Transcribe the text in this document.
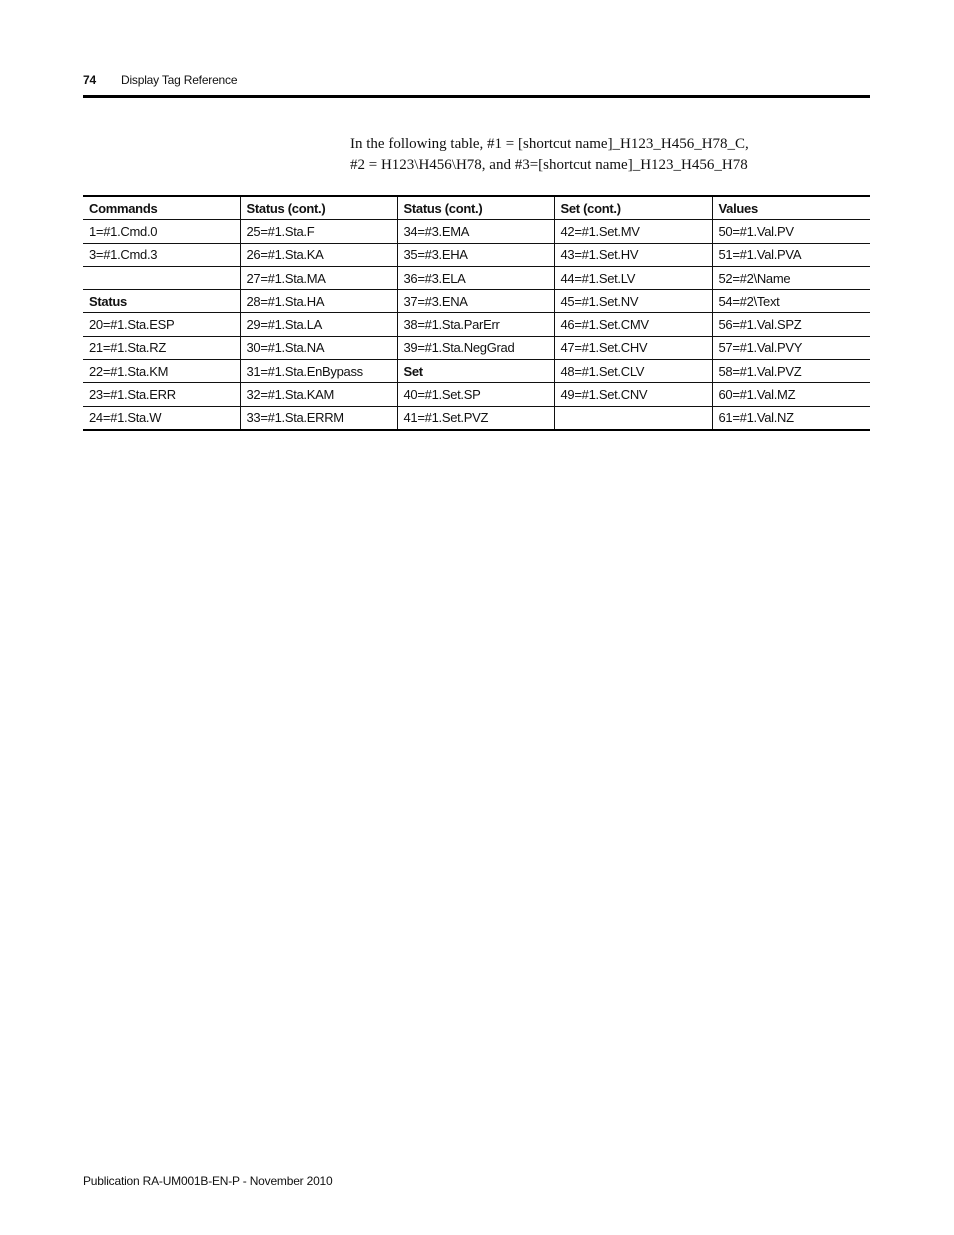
74 Display Tag Reference

In the following table, #1 = [shortcut name]_H123_H456_H78_C,

#2 = H123\H456\H78, and #3=[shortcut name]_H123_H456_H78

Commands	Status (cont.)	Status (cont.)	Set (cont.)	Values
1=#1.Cmd.0	25=#1.Sta.F	34=#3.EMA	42=#1.Set.MV	50=#1.Val.PV
3=#1.Cmd.3	26=#1.Sta.KA	35=#3.EHA	43=#1.Set.HV	51=#1.Val.PVA
	27=#1.Sta.MA	36=#3.ELA	44=#1.Set.LV	52=#2\Name
Status	28=#1.Sta.HA	37=#3.ENA	45=#1.Set.NV	54=#2\Text
20=#1.Sta.ESP	29=#1.Sta.LA	38=#1.Sta.ParErr	46=#1.Set.CMV	56=#1.Val.SPZ
21=#1.Sta.RZ	30=#1.Sta.NA	39=#1.Sta.NegGrad	47=#1.Set.CHV	57=#1.Val.PVY
22=#1.Sta.KM	31=#1.Sta.EnBypass	Set	48=#1.Set.CLV	58=#1.Val.PVZ
23=#1.Sta.ERR	32=#1.Sta.KAM	40=#1.Set.SP	49=#1.Set.CNV	60=#1.Val.MZ
24=#1.Sta.W	33=#1.Sta.ERRM	41=#1.Set.PVZ		61=#1.Val.NZ
Publication RA-UM001B-EN-P - November 2010
